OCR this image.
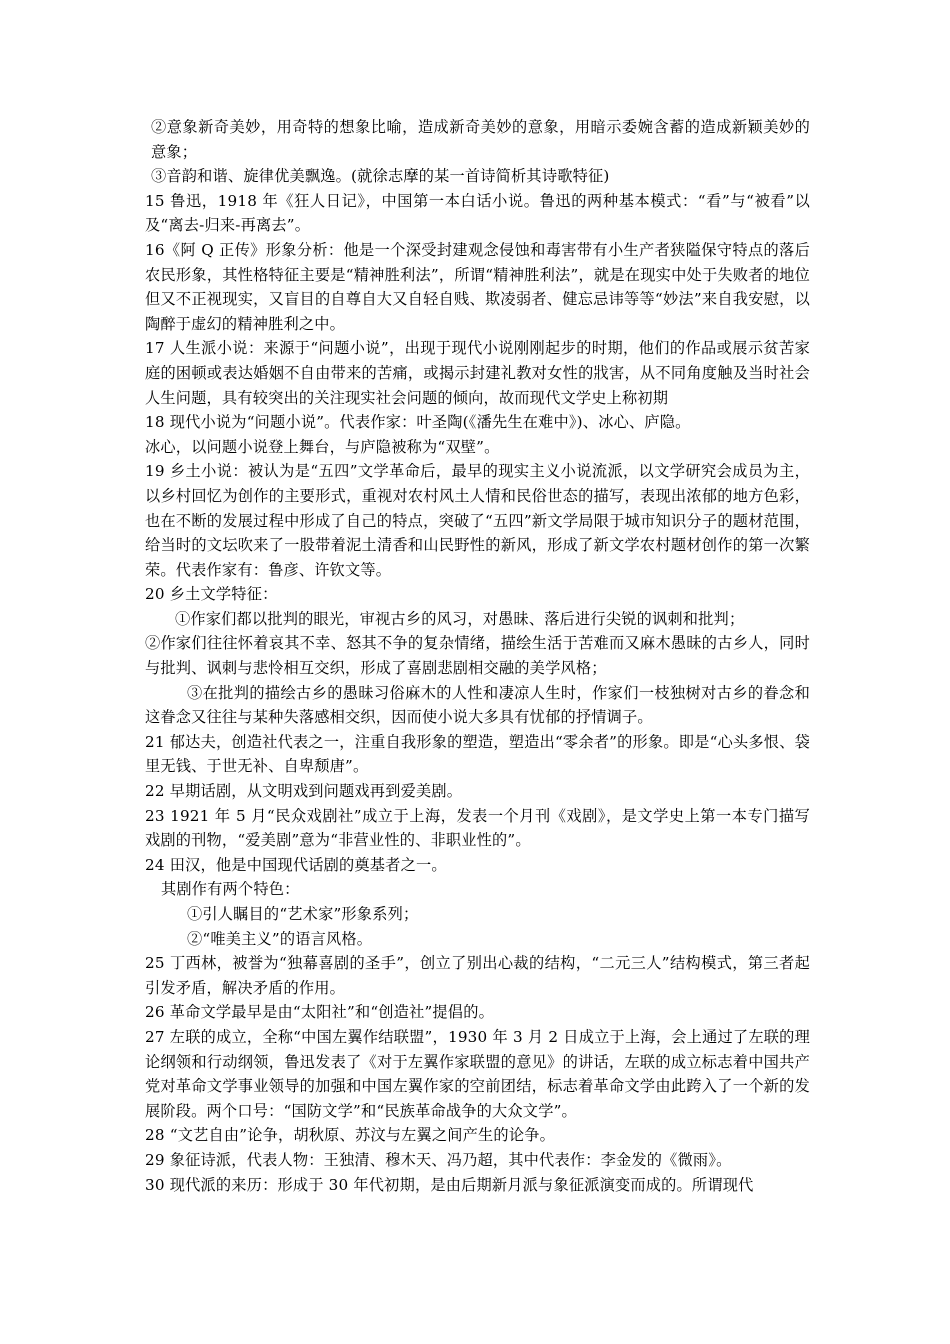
②意象新奇美妙，用奇特的想象比喻，造成新奇美妙的意象，用暗示委婉含蓄的造成新颖美妙的意象；

③音韵和谐、旋律优美飘逸。(就徐志摩的某一首诗简析其诗歌特征)

15 鲁迅，1918 年《狂人日记》，中国第一本白话小说。鲁迅的两种基本模式：“看”与“被看”以及“离去-归来-再离去”。

16《阿 Q 正传》形象分析：他是一个深受封建观念侵蚀和毒害带有小生产者狭隘保守特点的落后农民形象，其性格特征主要是“精神胜利法”，所谓“精神胜利法”，就是在现实中处于失败者的地位但又不正视现实，又盲目的自尊自大又自轻自贱、欺凌弱者、健忘忌讳等等“妙法”来自我安慰，以陶醉于虚幻的精神胜利之中。

17 人生派小说：来源于“问题小说”，出现于现代小说刚刚起步的时期，他们的作品或展示贫苦家庭的困顿或表达婚姻不自由带来的苦痛，或揭示封建礼教对女性的戕害，从不同角度触及当时社会人生问题，具有较突出的关注现实社会问题的倾向，故而现代文学史上称初期

18 现代小说为“问题小说”。代表作家：叶圣陶(《潘先生在难中》)、冰心、庐隐。

冰心，以问题小说登上舞台，与庐隐被称为“双壁”。

19 乡土小说：被认为是“五四”文学革命后，最早的现实主义小说流派，以文学研究会成员为主，以乡村回忆为创作的主要形式，重视对农村风土人情和民俗世态的描写，表现出浓郁的地方色彩，也在不断的发展过程中形成了自己的特点，突破了“五四”新文学局限于城市知识分子的题材范围，给当时的文坛吹来了一股带着泥土清香和山民野性的新风，形成了新文学农村题材创作的第一次繁荣。代表作家有：鲁彦、许钦文等。

20 乡土文学特征：

①作家们都以批判的眼光，审视古乡的风习，对愚昧、落后进行尖锐的讽刺和批判；

②作家们往往怀着哀其不幸、怒其不争的复杂情绪，描绘生活于苦难而又麻木愚昧的古乡人，同时与批判、讽刺与悲怜相互交织，形成了喜剧悲剧相交融的美学风格；

③在批判的描绘古乡的愚昧习俗麻木的人性和凄凉人生时，作家们一枝独树对古乡的眷念和这眷念又往往与某种失落感相交织，因而使小说大多具有忧郁的抒情调子。

21 郁达夫，创造社代表之一，注重自我形象的塑造，塑造出“零余者”的形象。即是“心头多恨、袋里无钱、于世无补、自卑颓唐”。

22 早期话剧，从文明戏到问题戏再到爱美剧。

23 1921 年 5 月“民众戏剧社”成立于上海，发表一个月刊《戏剧》，是文学史上第一本专门描写戏剧的刊物，“爱美剧”意为“非营业性的、非职业性的”。

24 田汉，他是中国现代话剧的奠基者之一。

其剧作有两个特色：

①引人瞩目的“艺术家”形象系列；

②“唯美主义”的语言风格。

25 丁西林，被誉为“独幕喜剧的圣手”，创立了别出心裁的结构，“二元三人”结构模式，第三者起引发矛盾，解决矛盾的作用。

26 革命文学最早是由“太阳社”和“创造社”提倡的。

27 左联的成立，全称“中国左翼作结联盟”，1930 年 3 月 2 日成立于上海，会上通过了左联的理论纲领和行动纲领，鲁迅发表了《对于左翼作家联盟的意见》的讲话，左联的成立标志着中国共产党对革命文学事业领导的加强和中国左翼作家的空前团结，标志着革命文学由此跨入了一个新的发展阶段。两个口号：“国防文学”和“民族革命战争的大众文学”。

28 “文艺自由”论争，胡秋原、苏汶与左翼之间产生的论争。

29 象征诗派，代表人物：王独清、穆木天、冯乃超，其中代表作：李金发的《微雨》。

30 现代派的来历：形成于 30 年代初期，是由后期新月派与象征派演变而成的。所谓现代
